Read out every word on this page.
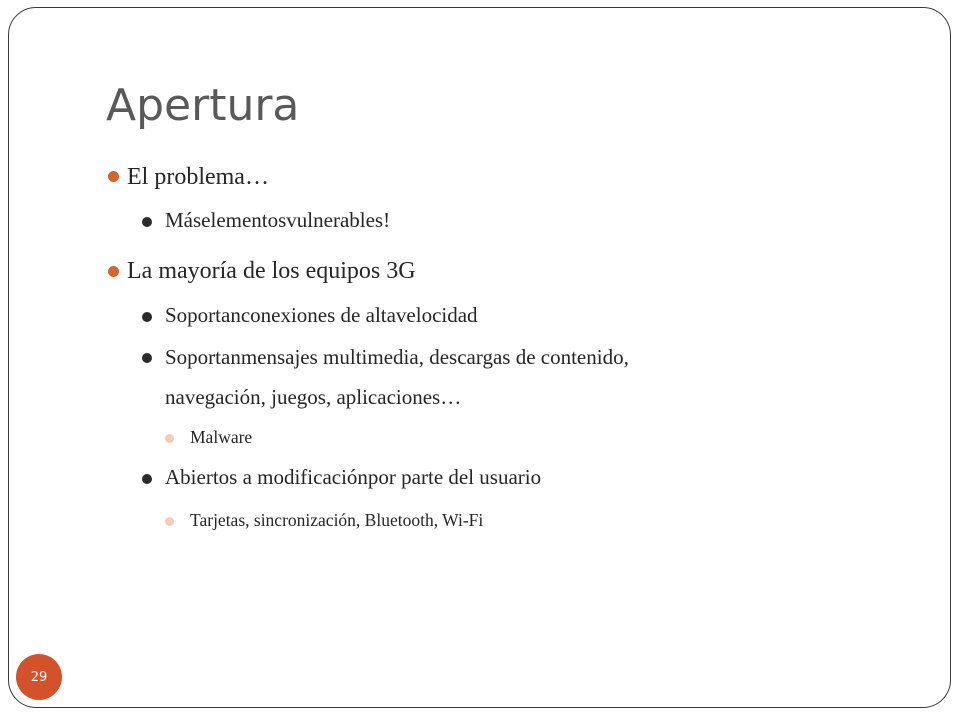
Apertura
El problema…
Máselementosvulnerables!
La mayoría de los equipos 3G
Soportanconexiones de altavelocidad
Soportanmensajes multimedia, descargas de contenido,
navegación, juegos, aplicaciones…
Malware
Abiertos a modificaciónpor parte del usuario
Tarjetas, sincronización, Bluetooth, Wi-Fi
29
